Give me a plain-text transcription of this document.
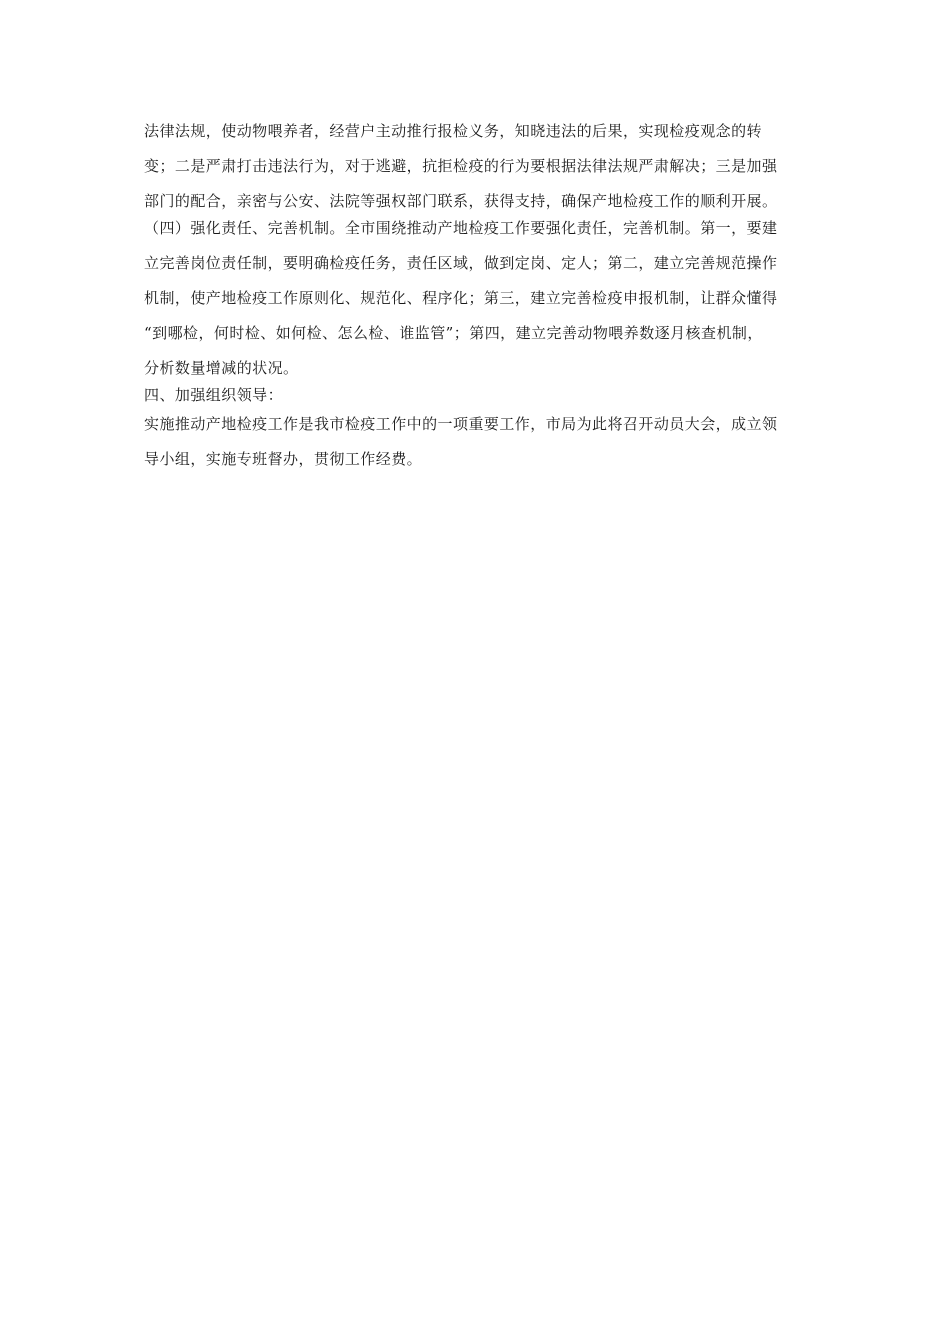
法律法规，使动物喂养者，经营户主动推行报检义务，知晓违法的后果，实现检疫观念的转
变；二是严肃打击违法行为，对于逃避，抗拒检疫的行为要根据法律法规严肃解决；三是加强
部门的配合，亲密与公安、法院等强权部门联系，获得支持，确保产地检疫工作的顺利开展。
（四）强化责任、完善机制。全市围绕推动产地检疫工作要强化责任，完善机制。第一，要建
立完善岗位责任制，要明确检疫任务，责任区域，做到定岗、定人；第二，建立完善规范操作
机制，使产地检疫工作原则化、规范化、程序化；第三，建立完善检疫申报机制，让群众懂得
“到哪检，何时检、如何检、怎么检、谁监管”；第四，建立完善动物喂养数逐月核查机制，
分析数量增减的状况。
四、加强组织领导：
实施推动产地检疫工作是我市检疫工作中的一项重要工作，市局为此将召开动员大会，成立领
导小组，实施专班督办，贯彻工作经费。
